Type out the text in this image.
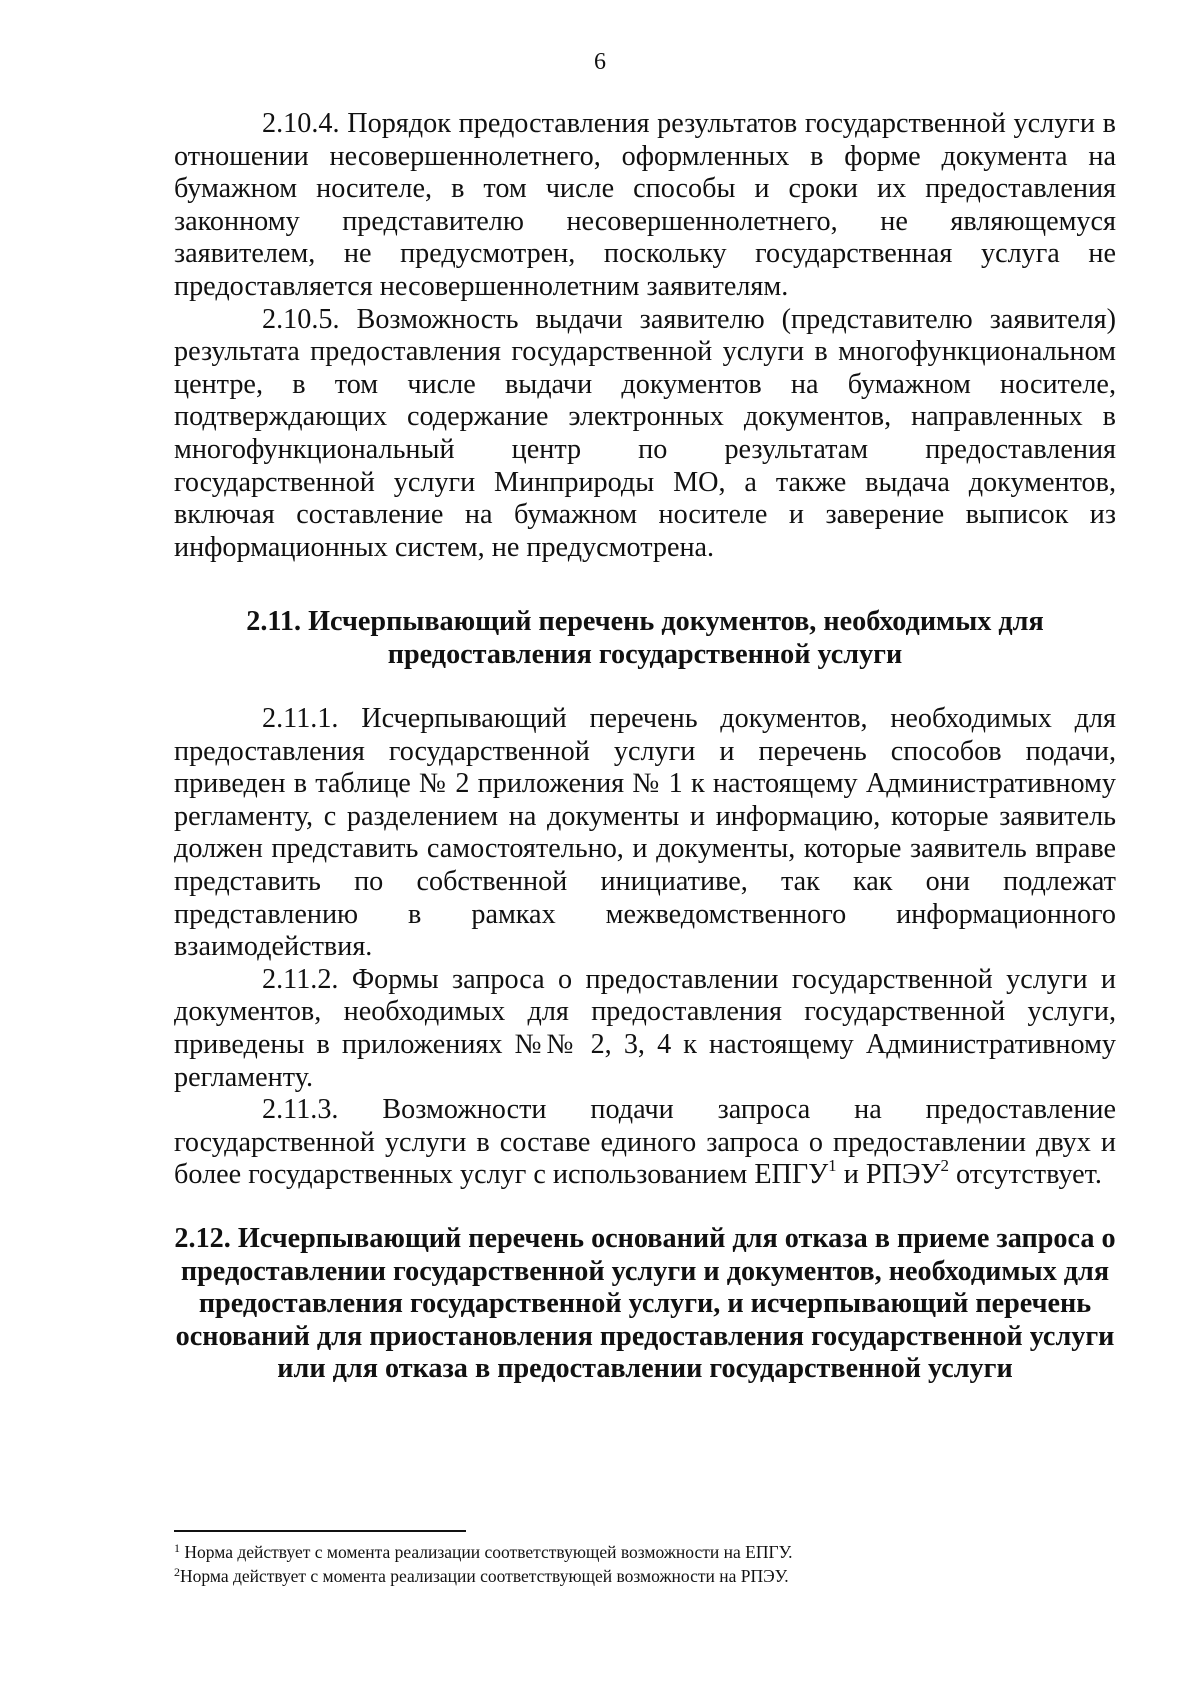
6

2.10.4. Порядок предоставления результатов государственной услуги в отношении несовершеннолетнего, оформленных в форме документа на бумажном носителе, в том числе способы и сроки их предоставления законному представителю несовершеннолетнего, не являющемуся заявителем, не предусмотрен, поскольку государственная услуга не предоставляется несовершеннолетним заявителям.

2.10.5. Возможность выдачи заявителю (представителю заявителя) результата предоставления государственной услуги в многофункциональном центре, в том числе выдачи документов на бумажном носителе, подтверждающих содержание электронных документов, направленных в многофункциональный центр по результатам предоставления государственной услуги Минприроды МО, а также выдача документов, включая составление на бумажном носителе и заверение выписок из информационных систем, не предусмотрена.

2.11. Исчерпывающий перечень документов, необходимых для предоставления государственной услуги

2.11.1. Исчерпывающий перечень документов, необходимых для предоставления государственной услуги и перечень способов подачи, приведен в таблице № 2 приложения № 1 к настоящему Административному регламенту, с разделением на документы и информацию, которые заявитель должен представить самостоятельно, и документы, которые заявитель вправе представить по собственной инициативе, так как они подлежат представлению в рамках межведомственного информационного взаимодействия.

2.11.2. Формы запроса о предоставлении государственной услуги и документов, необходимых для предоставления государственной услуги, приведены в приложениях №№ 2, 3, 4 к настоящему Административному регламенту.

2.11.3. Возможности подачи запроса на предоставление государственной услуги в составе единого запроса о предоставлении двух и более государственных услуг с использованием ЕПГУ$^1$ и РПЭУ$^2$ отсутствует.

2.12. Исчерпывающий перечень оснований для отказа в приеме запроса о предоставлении государственной услуги и документов, необходимых для предоставления государственной услуги, и исчерпывающий перечень оснований для приостановления предоставления государственной услуги или для отказа в предоставлении государственной услуги

$^1$ Норма действует с момента реализации соответствующей возможности на ЕПГУ.

$^2$Норма действует с момента реализации соответствующей возможности на РПЭУ.
